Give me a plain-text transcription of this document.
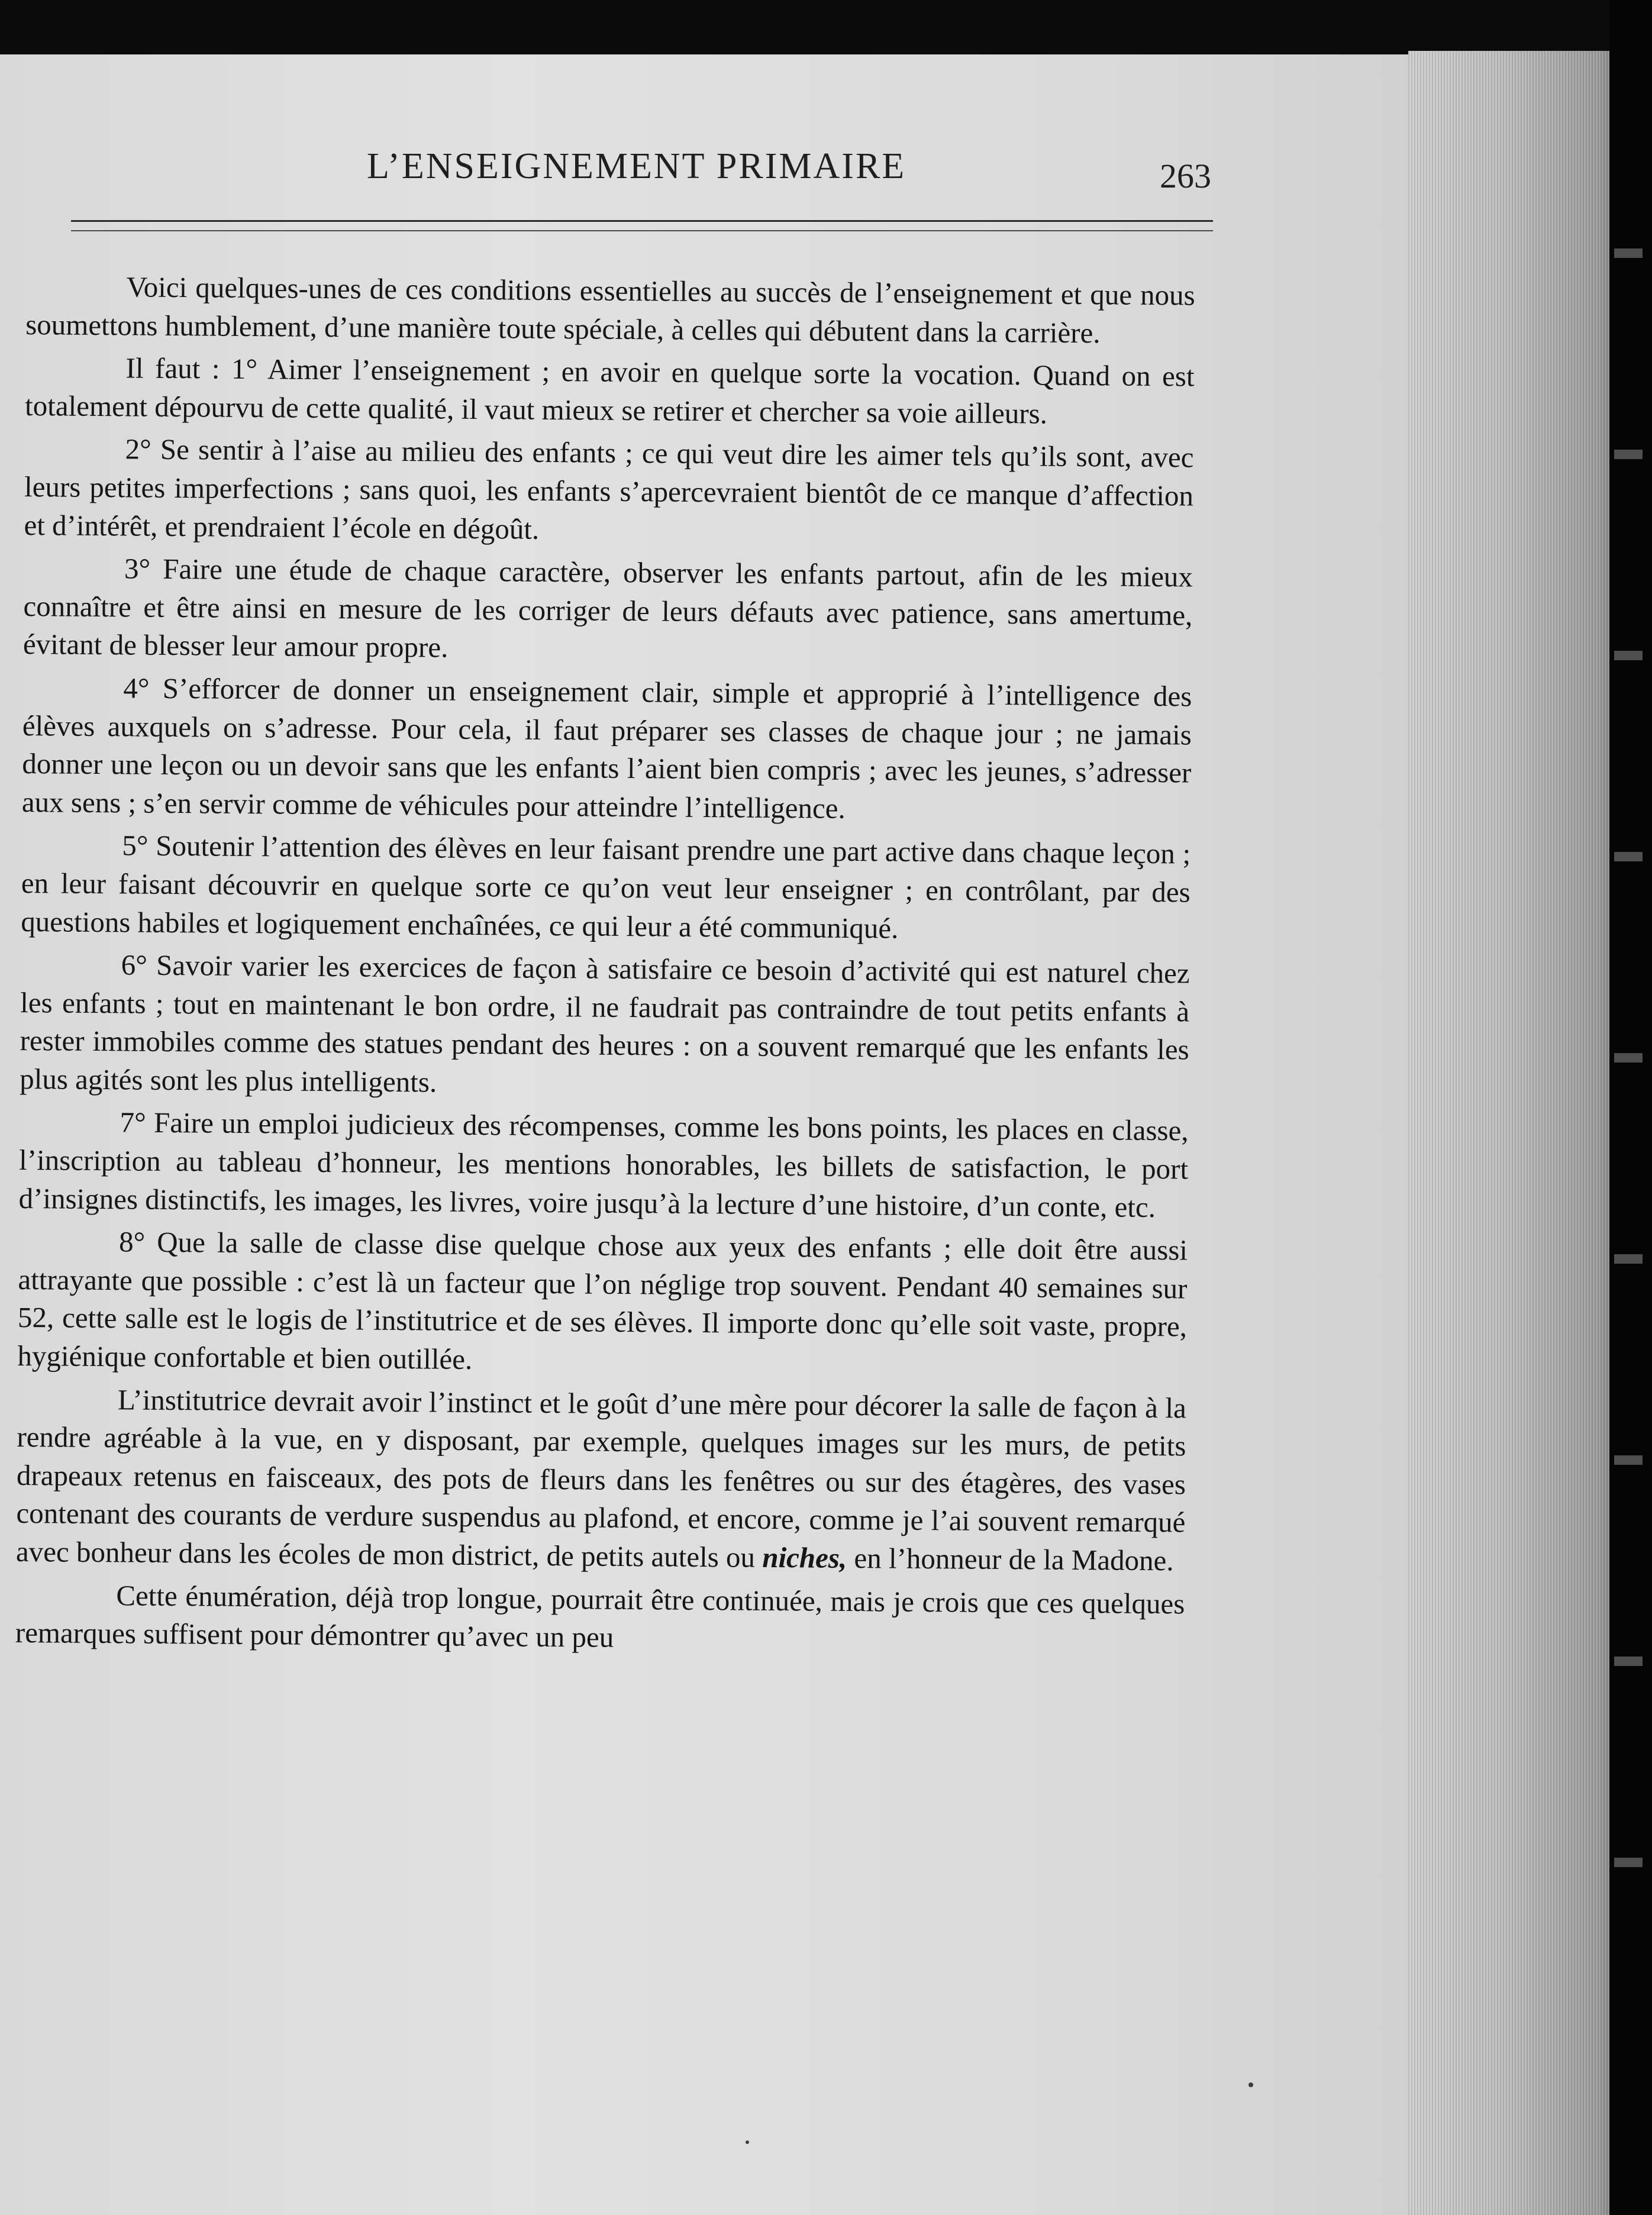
L’ENSEIGNEMENT PRIMAIRE	263

Voici quelques-unes de ces conditions essentielles au succès de l’enseignement et que nous soumettons humblement, d’une manière toute spéciale, à celles qui débutent dans la carrière.

Il faut : 1° Aimer l’enseignement ; en avoir en quelque sorte la vocation. Quand on est totalement dépourvu de cette qualité, il vaut mieux se retirer et chercher sa voie ailleurs.

2° Se sentir à l’aise au milieu des enfants ; ce qui veut dire les aimer tels qu’ils sont, avec leurs petites imperfections ; sans quoi, les enfants s’apercevraient bientôt de ce manque d’affection et d’intérêt, et prendraient l’école en dégoût.

3° Faire une étude de chaque caractère, observer les enfants partout, afin de les mieux connaître et être ainsi en mesure de les corriger de leurs défauts avec patience, sans amertume, évitant de blesser leur amour propre.

4° S’efforcer de donner un enseignement clair, simple et approprié à l’intelligence des élèves auxquels on s’adresse. Pour cela, il faut préparer ses classes de chaque jour ; ne jamais donner une leçon ou un devoir sans que les enfants l’aient bien compris ; avec les jeunes, s’adresser aux sens ; s’en servir comme de véhicules pour atteindre l’intelligence.

5° Soutenir l’attention des élèves en leur faisant prendre une part active dans chaque leçon ; en leur faisant découvrir en quelque sorte ce qu’on veut leur enseigner ; en contrôlant, par des questions habiles et logiquement enchaînées, ce qui leur a été communiqué.

6° Savoir varier les exercices de façon à satisfaire ce besoin d’activité qui est naturel chez les enfants ; tout en maintenant le bon ordre, il ne faudrait pas contraindre de tout petits enfants à rester immobiles comme des statues pendant des heures : on a souvent remarqué que les enfants les plus agités sont les plus intelligents.

7° Faire un emploi judicieux des récompenses, comme les bons points, les places en classe, l’inscription au tableau d’honneur, les mentions honorables, les billets de satisfaction, le port d’insignes distinctifs, les images, les livres, voire jusqu’à la lecture d’une histoire, d’un conte, etc.

8° Que la salle de classe dise quelque chose aux yeux des enfants ; elle doit être aussi attrayante que possible : c’est là un facteur que l’on néglige trop souvent. Pendant 40 semaines sur 52, cette salle est le logis de l’institutrice et de ses élèves. Il importe donc qu’elle soit vaste, propre, hygiénique confortable et bien outillée.

L’institutrice devrait avoir l’instinct et le goût d’une mère pour décorer la salle de façon à la rendre agréable à la vue, en y disposant, par exemple, quelques images sur les murs, de petits drapeaux retenus en faisceaux, des pots de fleurs dans les fenêtres ou sur des étagères, des vases contenant des courants de verdure suspendus au plafond, et encore, comme je l’ai souvent remarqué avec bonheur dans les écoles de mon district, de petits autels ou niches, en l’honneur de la Madone.

Cette énumération, déjà trop longue, pourrait être continuée, mais je crois que ces quelques remarques suffisent pour démontrer qu’avec un peu
